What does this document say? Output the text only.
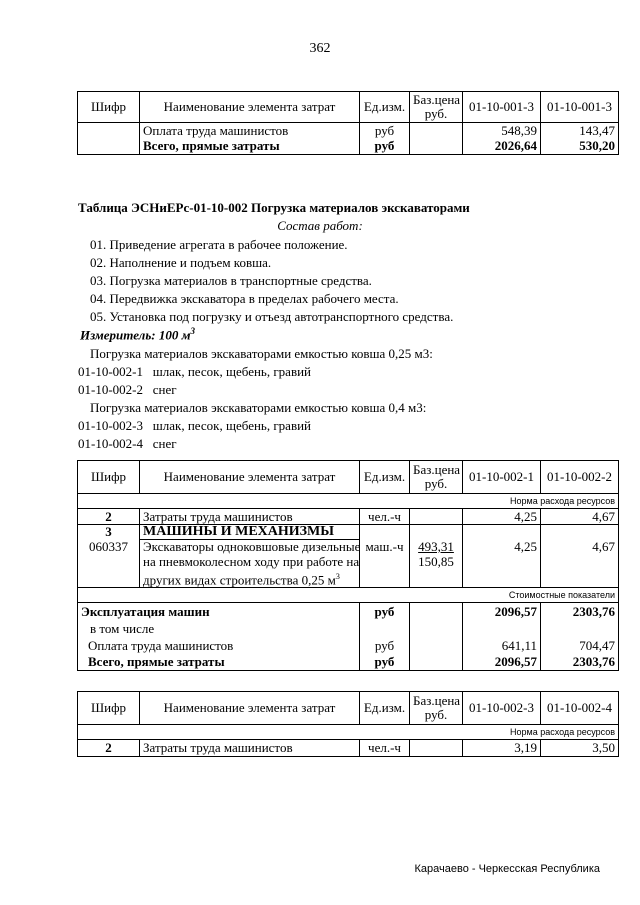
362
Шифр	Наименование элемента затрат	Ед.изм.	Баз.цена руб.	01-10-001-3	01-10-001-3
	Оплата труда машинистов	руб		548,39	143,47
	Всего, прямые затраты	руб		2026,64	530,20
Таблица ЭСНиЕРс-01-10-002 Погрузка материалов экскаваторами
Состав работ:
01. Приведение агрегата в рабочее положение.
02. Наполнение и подъем ковша.
03. Погрузка материалов в транспортные средства.
04. Передвижка экскаватора в пределах рабочего места.
05. Установка под погрузку и отъезд автотранспортного средства.
Измеритель: 100 $м^3$
Погрузка материалов экскаваторами емкостью ковша 0,25 м3:
01-10-002-1 шлак, песок, щебень, гравий
01-10-002-2 снег
Погрузка материалов экскаваторами емкостью ковша 0,4 м3:
01-10-002-3 шлак, песок, щебень, гравий
01-10-002-4 снег
Шифр	Наименование элемента затрат	Ед.изм.	Баз.цена руб.	01-10-002-1	01-10-002-2
Норма расхода ресурсов					
2	Затраты труда машинистов	чел.-ч		4,25	4,67
3	МАШИНЫ И МЕХАНИЗМЫ				
060337	Экскаваторы одноковшовые дизельные	маш.-ч	493,31	4,25	4,67
	на пневмоколесном ходу при работе на		150,85		
	других видах строительства 0,25 $м^3$				
Стоимостные показатели					
Эксплуатация машин		руб		2096,57	2303,76
в том числе					
Оплата труда машинистов		руб		641,11	704,47
Всего, прямые затраты		руб		2096,57	2303,76
Шифр	Наименование элемента затрат	Ед.изм.	Баз.цена руб.	01-10-002-3	01-10-002-4
Норма расхода ресурсов					
2	Затраты труда машинистов	чел.-ч		3,19	3,50
Карачаево - Черкесская Республика
